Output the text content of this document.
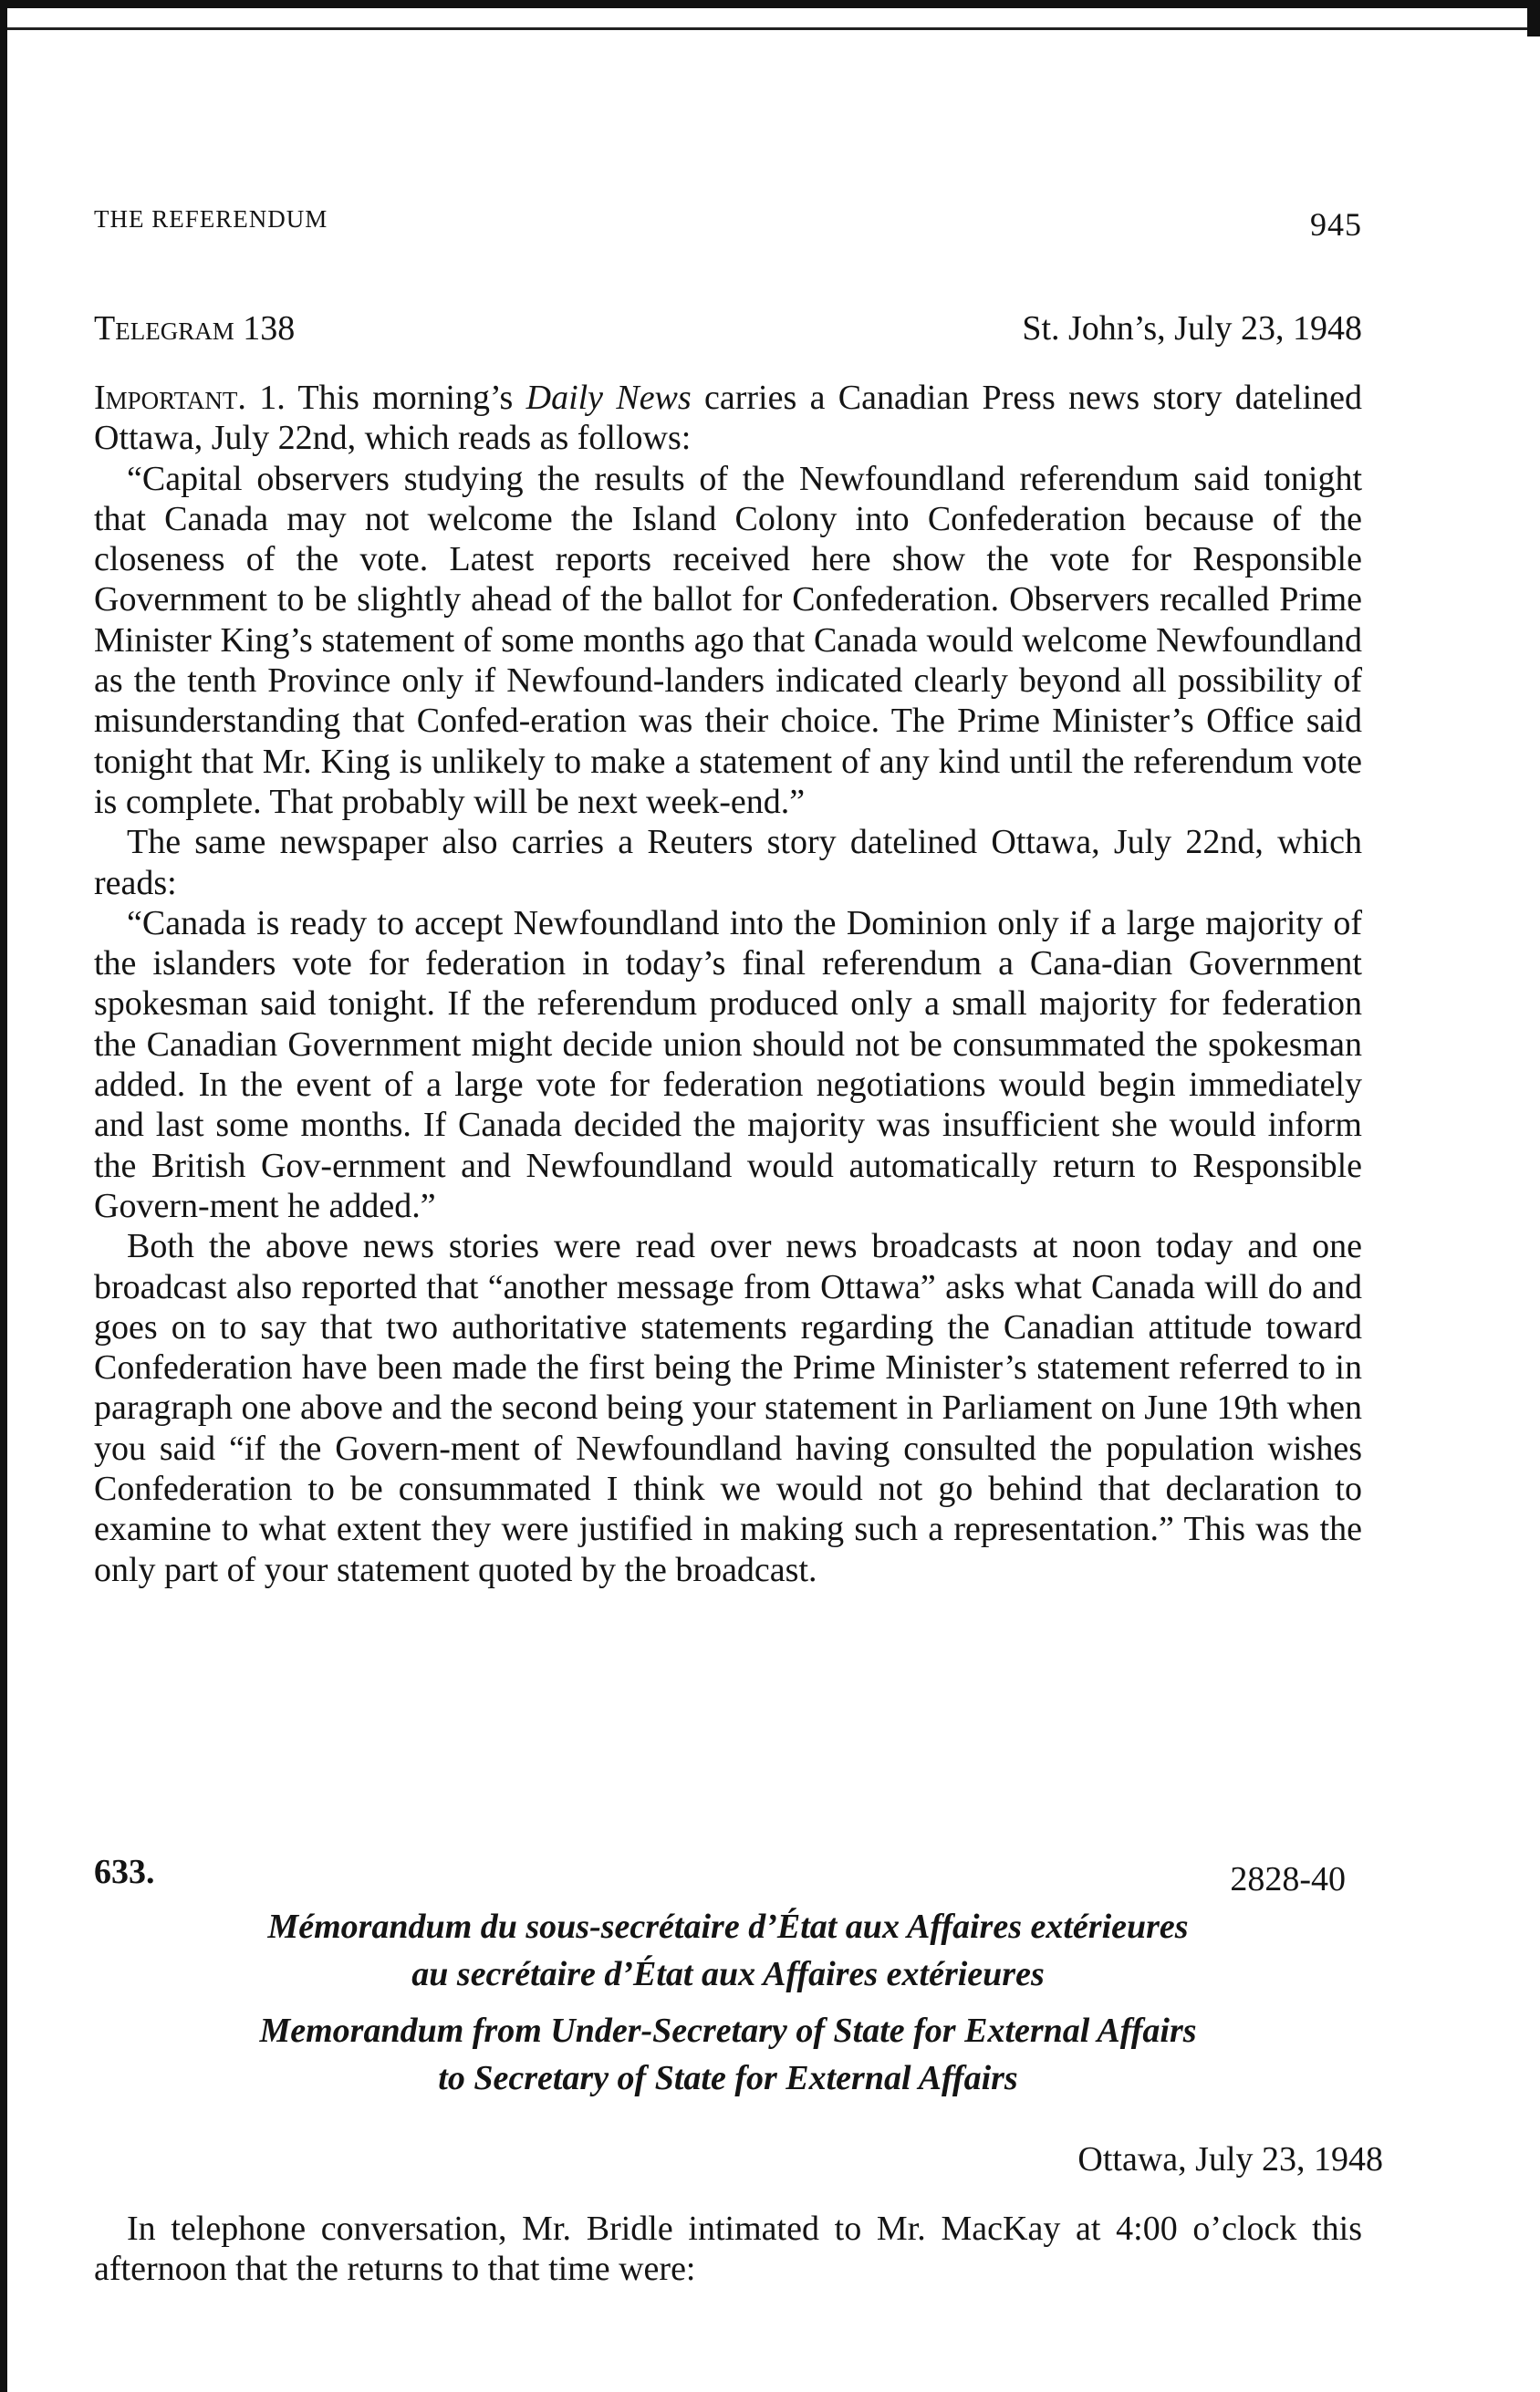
THE REFERENDUM	945
Telegram 138	St. John’s, July 23, 1948

Important. 1. This morning’s Daily News carries a Canadian Press news story datelined Ottawa, July 22nd, which reads as follows:

“Capital observers studying the results of the Newfoundland referendum said tonight that Canada may not welcome the Island Colony into Confederation because of the closeness of the vote. Latest reports received here show the vote for Responsible Government to be slightly ahead of the ballot for Confederation. Observers recalled Prime Minister King’s statement of some months ago that Canada would welcome Newfoundland as the tenth Province only if Newfound-landers indicated clearly beyond all possibility of misunderstanding that Confed-eration was their choice. The Prime Minister’s Office said tonight that Mr. King is unlikely to make a statement of any kind until the referendum vote is complete. That probably will be next week-end.”

The same newspaper also carries a Reuters story datelined Ottawa, July 22nd, which reads:

“Canada is ready to accept Newfoundland into the Dominion only if a large majority of the islanders vote for federation in today’s final referendum a Cana-dian Government spokesman said tonight. If the referendum produced only a small majority for federation the Canadian Government might decide union should not be consummated the spokesman added. In the event of a large vote for federation negotiations would begin immediately and last some months. If Canada decided the majority was insufficient she would inform the British Gov-ernment and Newfoundland would automatically return to Responsible Govern-ment he added.”

Both the above news stories were read over news broadcasts at noon today and one broadcast also reported that “another message from Ottawa” asks what Canada will do and goes on to say that two authoritative statements regarding the Canadian attitude toward Confederation have been made the first being the Prime Minister’s statement referred to in paragraph one above and the second being your statement in Parliament on June 19th when you said “if the Govern-ment of Newfoundland having consulted the population wishes Confederation to be consummated I think we would not go behind that declaration to examine to what extent they were justified in making such a representation.” This was the only part of your statement quoted by the broadcast.

633.	2828-40
Mémorandum du sous-secrétaire d’État aux Affaires extérieures
au secrétaire d’État aux Affaires extérieures
Memorandum from Under-Secretary of State for External Affairs
to Secretary of State for External Affairs
Ottawa, July 23, 1948

In telephone conversation, Mr. Bridle intimated to Mr. MacKay at 4:00 o’clock this afternoon that the returns to that time were:
